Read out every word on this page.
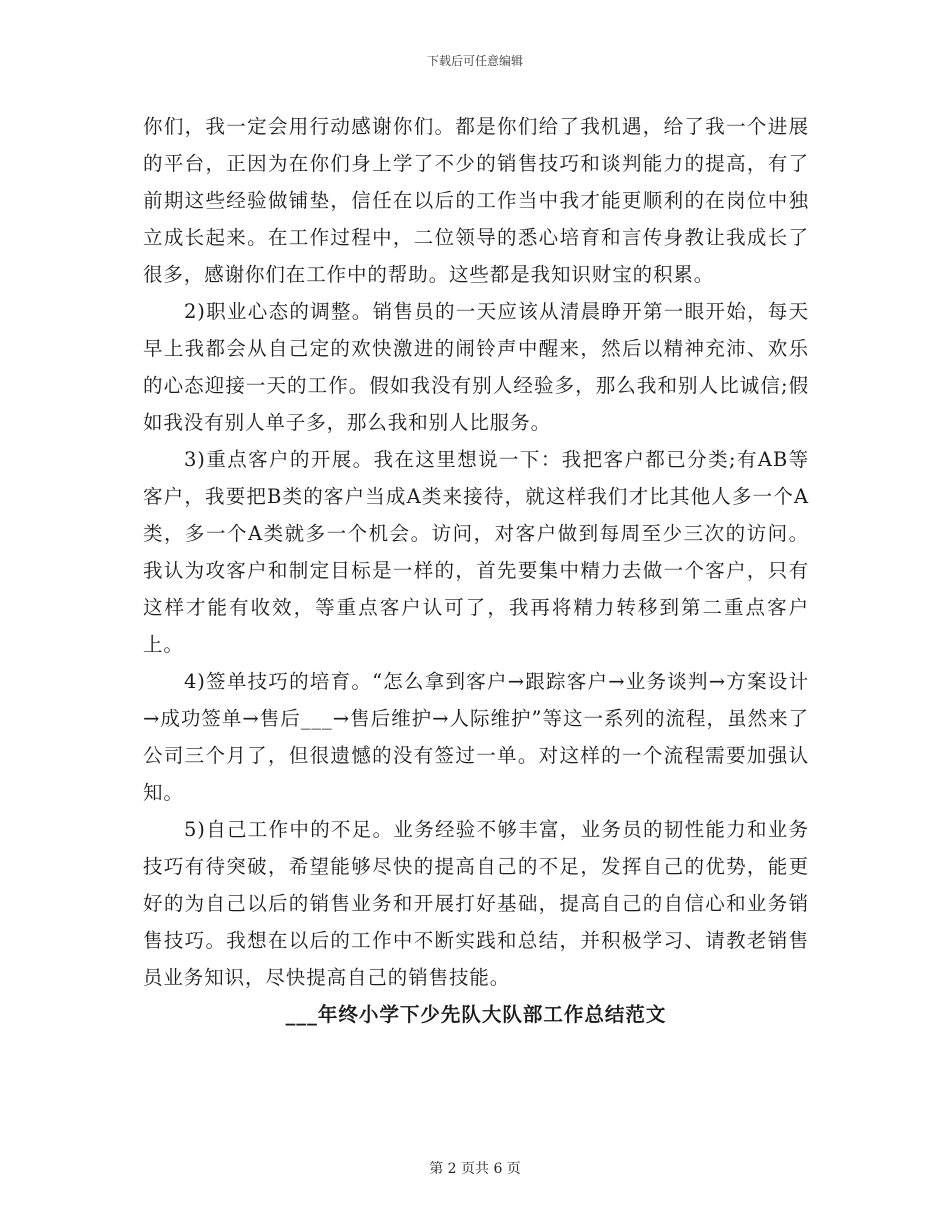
下载后可任意编辑

你们，我一定会用行动感谢你们。都是你们给了我机遇，给了我一个进展的平台，正因为在你们身上学了不少的销售技巧和谈判能力的提高，有了前期这些经验做铺垫，信任在以后的工作当中我才能更顺利的在岗位中独立成长起来。在工作过程中，二位领导的悉心培育和言传身教让我成长了很多，感谢你们在工作中的帮助。这些都是我知识财宝的积累。

2)职业心态的调整。销售员的一天应该从清晨睁开第一眼开始，每天早上我都会从自己定的欢快激进的闹铃声中醒来，然后以精神充沛、欢乐的心态迎接一天的工作。假如我没有别人经验多，那么我和别人比诚信;假如我没有别人单子多，那么我和别人比服务。

3)重点客户的开展。我在这里想说一下：我把客户都已分类;有AB等客户，我要把B类的客户当成A类来接待，就这样我们才比其他人多一个A类，多一个A类就多一个机会。访问，对客户做到每周至少三次的访问。我认为攻客户和制定目标是一样的，首先要集中精力去做一个客户，只有这样才能有收效，等重点客户认可了，我再将精力转移到第二重点客户上。

4)签单技巧的培育。“怎么拿到客户→跟踪客户→业务谈判→方案设计→成功签单→售后___→售后维护→人际维护”等这一系列的流程，虽然来了公司三个月了，但很遗憾的没有签过一单。对这样的一个流程需要加强认知。

5)自己工作中的不足。业务经验不够丰富，业务员的韧性能力和业务技巧有待突破，希望能够尽快的提高自己的不足，发挥自己的优势，能更好的为自己以后的销售业务和开展打好基础，提高自己的自信心和业务销售技巧。我想在以后的工作中不断实践和总结，并积极学习、请教老销售员业务知识，尽快提高自己的销售技能。

___年终小学下少先队大队部工作总结范文
第 2 页共 6 页
